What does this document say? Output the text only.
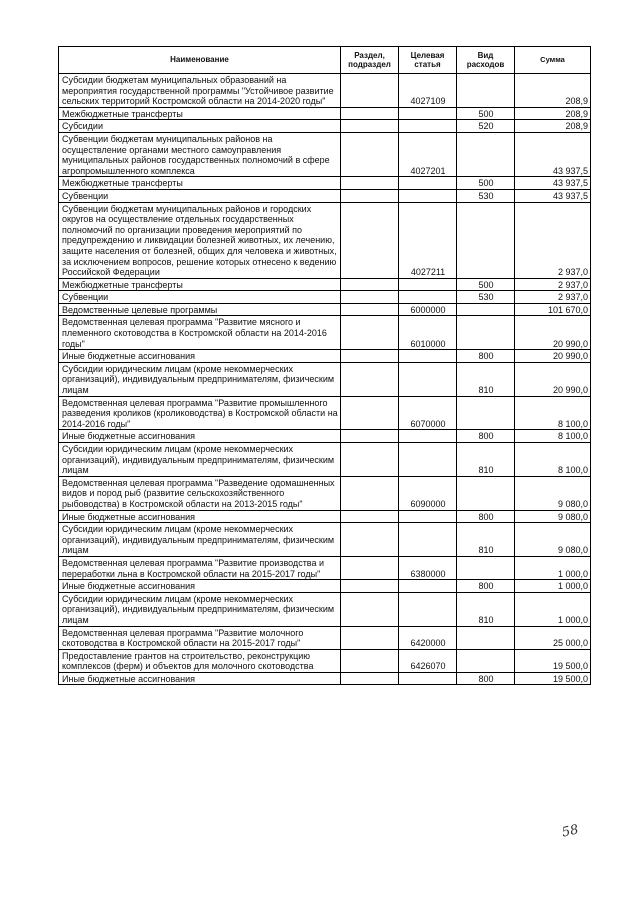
Наименование	Раздел, подраздел	Целевая статья	Вид расходов	Сумма
Субсидии бюджетам муниципальных образований на мероприятия государственной программы "Устойчивое развитие сельских территорий Костромской области на 2014-2020 годы"		4027109		208,9
Межбюджетные трансферты			500	208,9
Субсидии			520	208,9
Субвенции бюджетам муниципальных районов на осуществление органами местного самоуправления муниципальных районов государственных полномочий в сфере агропромышленного комплекса		4027201		43 937,5
Межбюджетные трансферты			500	43 937,5
Субвенции			530	43 937,5
Субвенции бюджетам муниципальных районов и городских округов на осуществление отдельных государственных полномочий по организации проведения мероприятий по предупреждению и ликвидации болезней животных, их лечению, защите населения от болезней, общих для человека и животных, за исключением вопросов, решение которых отнесено к ведению Российской Федерации		4027211		2 937,0
Межбюджетные трансферты			500	2 937,0
Субвенции			530	2 937,0
Ведомственные целевые программы		6000000		101 670,0
Ведомственная целевая программа "Развитие мясного и племенного скотоводства в Костромской области на 2014-2016 годы"		6010000		20 990,0
Иные бюджетные ассигнования			800	20 990,0
Субсидии юридическим лицам (кроме некоммерческих организаций), индивидуальным предпринимателям, физическим лицам			810	20 990,0
Ведомственная целевая программа "Развитие промышленного разведения кроликов (кролиководства) в Костромской области на 2014-2016 годы"		6070000		8 100,0
Иные бюджетные ассигнования			800	8 100,0
Субсидии юридическим лицам (кроме некоммерческих организаций), индивидуальным предпринимателям, физическим лицам			810	8 100,0
Ведомственная целевая программа "Разведение одомашненных видов и пород рыб (развитие сельскохозяйственного рыбоводства) в Костромской области на 2013-2015 годы"		6090000		9 080,0
Иные бюджетные ассигнования			800	9 080,0
Субсидии юридическим лицам (кроме некоммерческих организаций), индивидуальным предпринимателям, физическим лицам			810	9 080,0
Ведомственная целевая программа "Развитие производства и переработки льна в Костромской области на 2015-2017 годы"		6380000		1 000,0
Иные бюджетные ассигнования			800	1 000,0
Субсидии юридическим лицам (кроме некоммерческих организаций), индивидуальным предпринимателям, физическим лицам			810	1 000,0
Ведомственная целевая программа "Развитие молочного скотоводства в Костромской области на 2015-2017 годы"		6420000		25 000,0
Предоставление грантов на строительство, реконструкцию комплексов (ферм) и объектов для молочного скотоводства		6426070		19 500,0
Иные бюджетные ассигнования			800	19 500,0
58
